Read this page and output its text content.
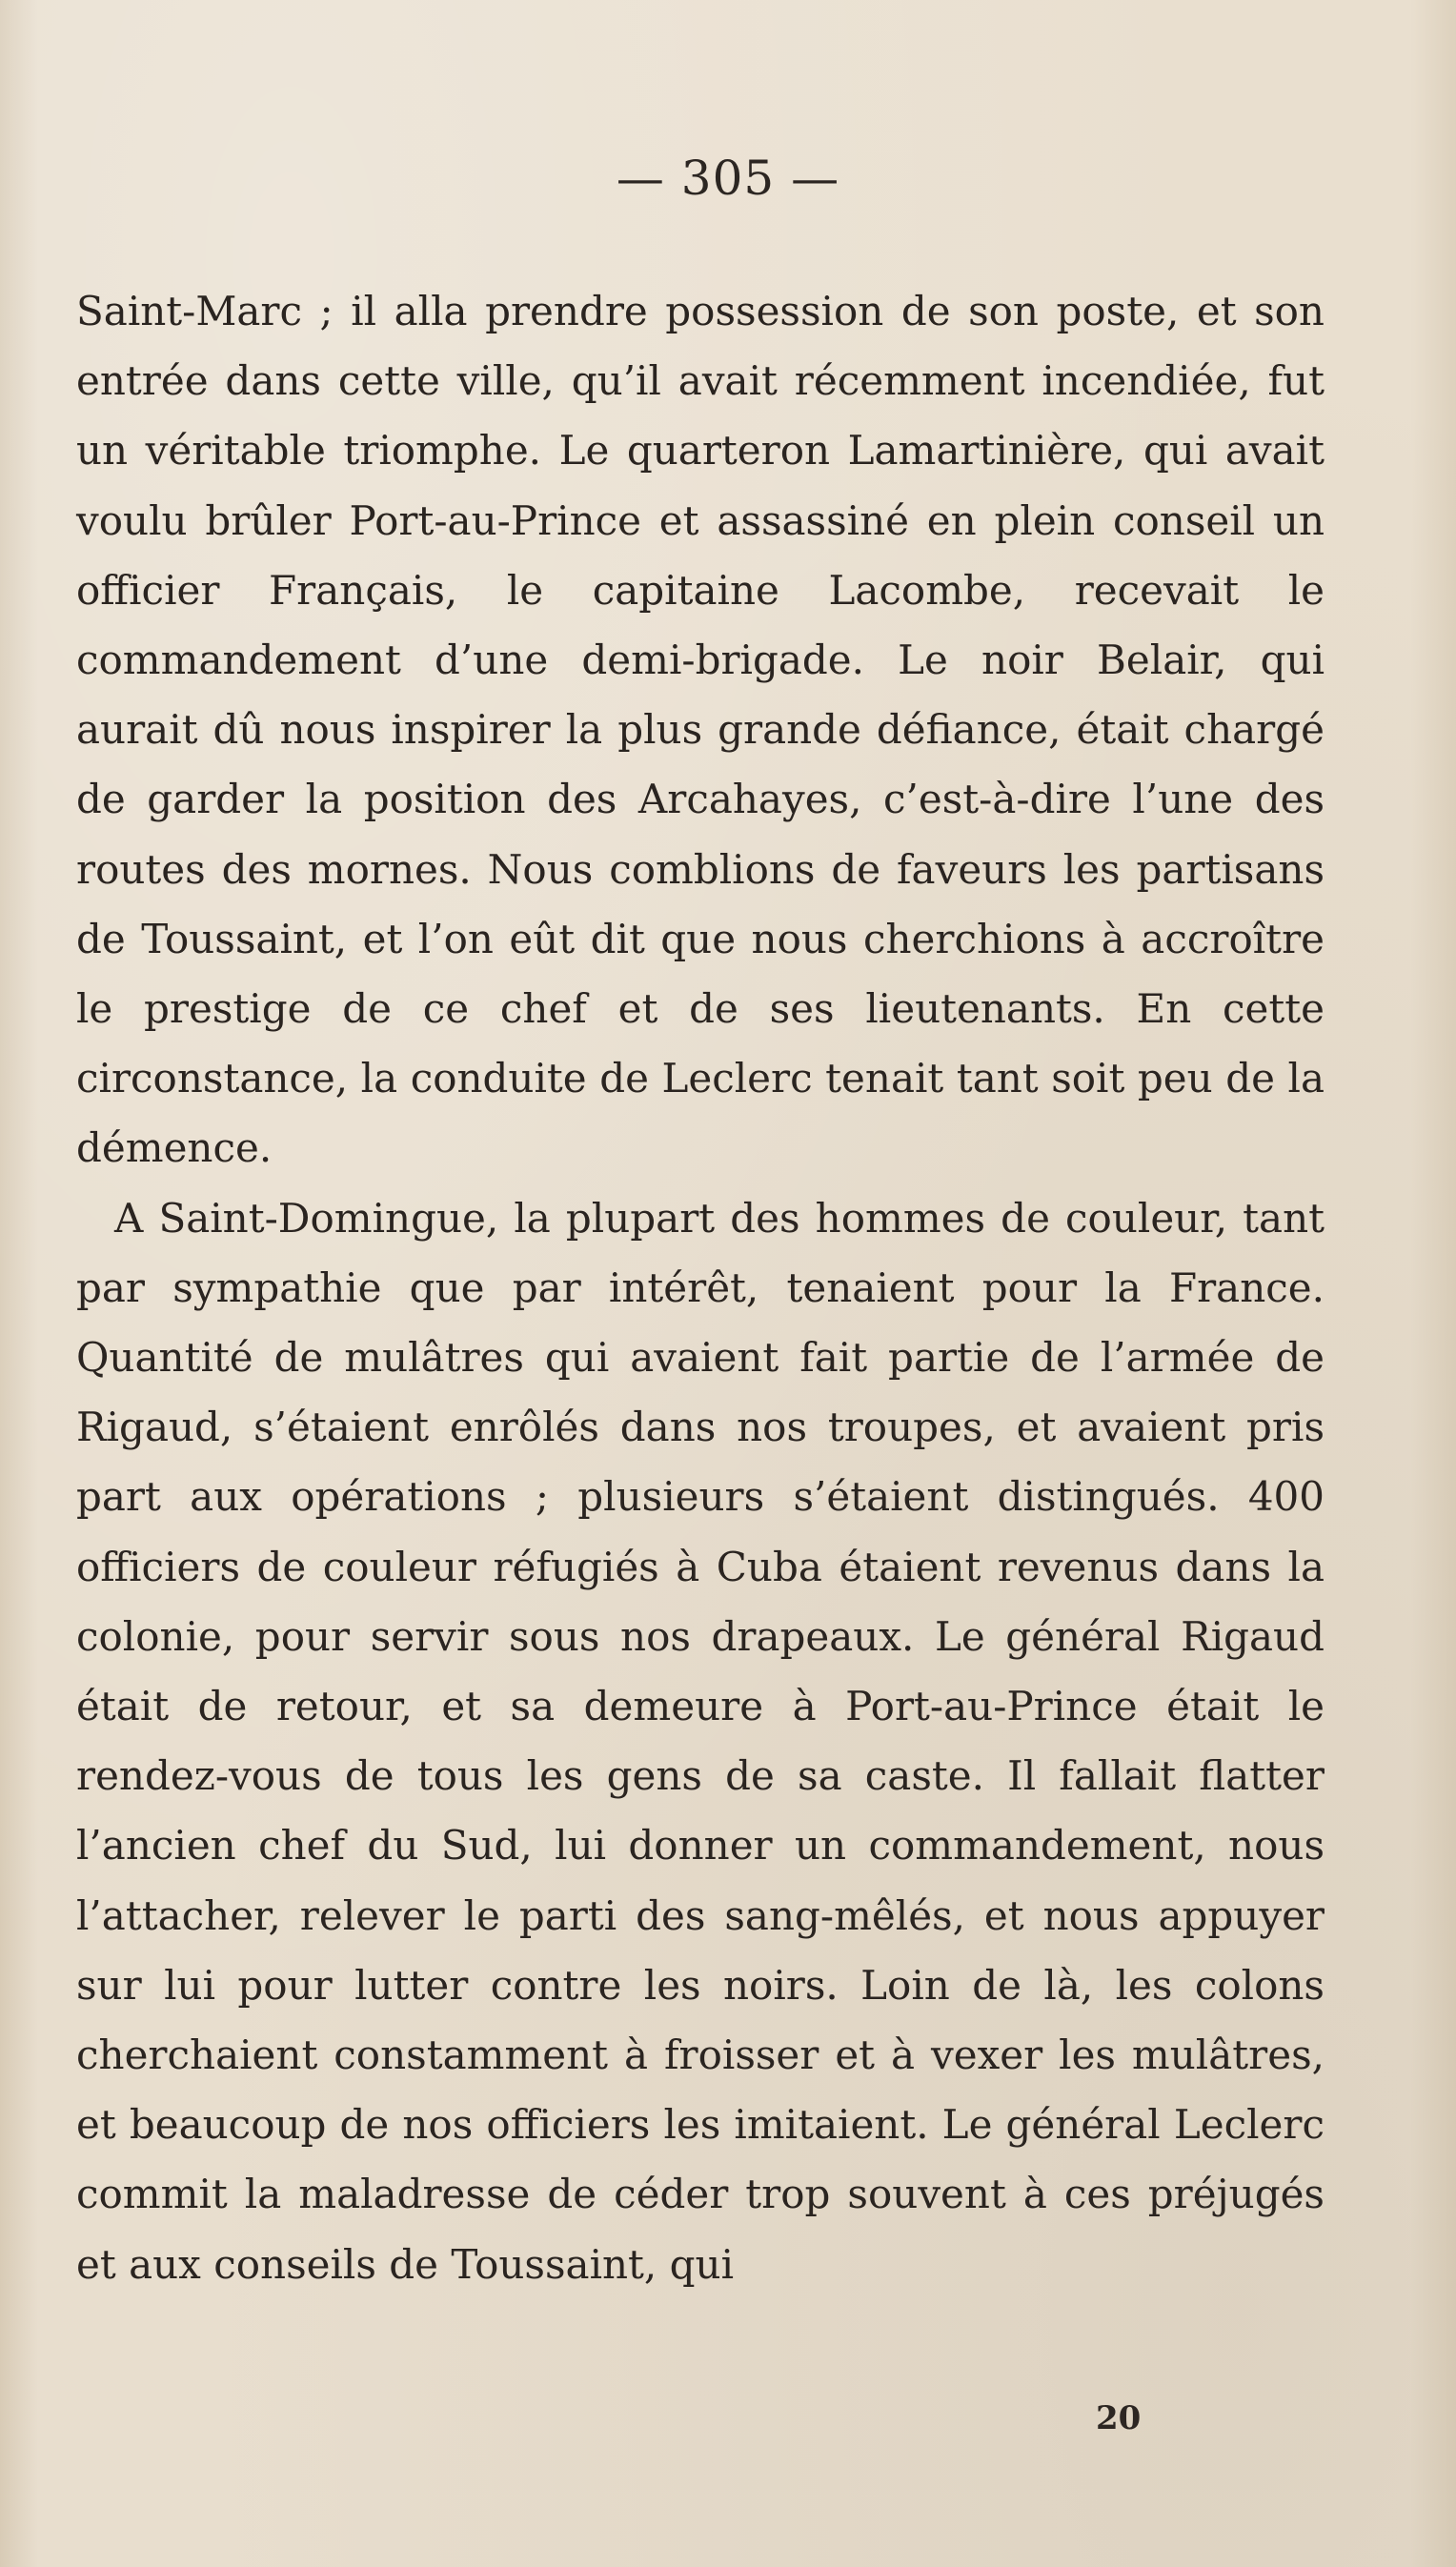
— 305 —

Saint-Marc ; il alla prendre possession de son poste, et son entrée dans cette ville, qu’il avait récemment incendiée, fut un véritable triomphe. Le quarteron Lamartinière, qui avait voulu brûler Port-au-Prince et assassiné en plein conseil un officier Français, le capitaine Lacombe, recevait le commandement d’une demi-brigade. Le noir Belair, qui aurait dû nous inspirer la plus grande défiance, était chargé de garder la position des Arcahayes, c’est-à-dire l’une des routes des mornes. Nous comblions de faveurs les partisans de Toussaint, et l’on eût dit que nous cherchions à accroître le prestige de ce chef et de ses lieutenants. En cette circonstance, la conduite de Leclerc tenait tant soit peu de la démence.

A Saint-Domingue, la plupart des hommes de couleur, tant par sympathie que par intérêt, tenaient pour la France. Quantité de mulâtres qui avaient fait partie de l’armée de Rigaud, s’étaient enrôlés dans nos troupes, et avaient pris part aux opérations ; plusieurs s’étaient distingués. 400 officiers de couleur réfugiés à Cuba étaient revenus dans la colonie, pour servir sous nos drapeaux. Le général Rigaud était de retour, et sa demeure à Port-au-Prince était le rendez-vous de tous les gens de sa caste. Il fallait flatter l’ancien chef du Sud, lui donner un commandement, nous l’attacher, relever le parti des sang-mêlés, et nous appuyer sur lui pour lutter contre les noirs. Loin de là, les colons cherchaient constamment à froisser et à vexer les mulâtres, et beaucoup de nos officiers les imitaient. Le général Leclerc commit la maladresse de céder trop souvent à ces préjugés et aux conseils de Toussaint, qui

20
